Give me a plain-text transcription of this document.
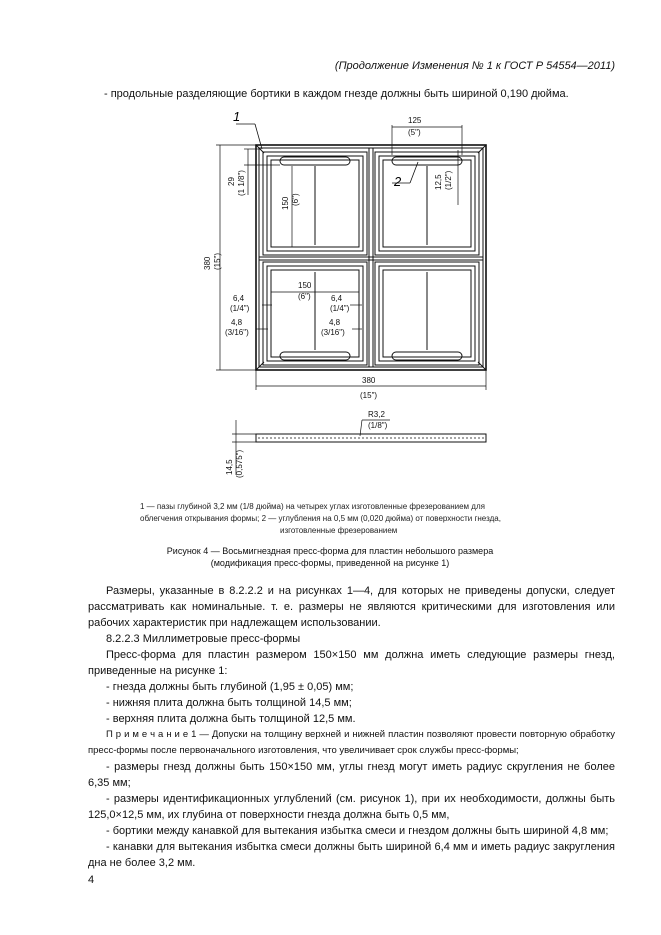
(Продолжение Изменения № 1 к ГОСТ Р 54554—2011)
- продольные разделяющие бортики в каждом гнезде должны быть шириной 0,190 дюйма.
1
2
125
(5")
29 (1 1/8")
150 (6")
12,5 (1/2")
380 (15")
150
(6")
6,4
(1/4")
6,4
(1/4")
4,8
(3/16")
4,8
(3/16")
380
(15")
R3,2
(1/8")
14,5 (0,575")
1 — пазы глубиной 3,2 мм (1/8 дюйма) на четырех углах изготовленные фрезерованием для
облегчения открывания формы; 2 — углубления на 0,5 мм (0,020 дюйма) от поверхности гнезда,
изготовленные фрезерованием
Рисунок 4 — Восьмигнездная пресс-форма для пластин небольшого размера
(модификация пресс-формы, приведенной на рисунке 1)
Размеры, указанные в 8.2.2.2 и на рисунках 1—4, для которых не приведены допуски, следует рассматривать как номинальные. т. е. размеры не являются критическими для изготовления или рабочих характеристик при надлежащем использовании.
8.2.2.3 Миллиметровые пресс-формы
Пресс-форма для пластин размером 150×150 мм должна иметь следующие размеры гнезд, приведенные на рисунке 1:
- гнезда должны быть глубиной (1,95 ± 0,05) мм;
- нижняя плита должна быть толщиной 14,5 мм;
- верхняя плита должна быть толщиной 12,5 мм.
П р и м е ч а н и е 1 — Допуски на толщину верхней и нижней пластин позволяют провести повторную обработку пресс-формы после первоначального изготовления, что увеличивает срок службы пресс-формы;
- размеры гнезд должны быть 150×150 мм, углы гнезд могут иметь радиус скругления не более 6,35 мм;
- размеры идентификационных углублений (см. рисунок 1), при их необходимости, должны быть 125,0×12,5 мм, их глубина от поверхности гнезда должна быть 0,5 мм,
- бортики между канавкой для вытекания избытка смеси и гнездом должны быть шириной 4,8 мм;
- канавки для вытекания избытка смеси должны быть шириной 6,4 мм и иметь радиус закругления дна не более 3,2 мм.
4
